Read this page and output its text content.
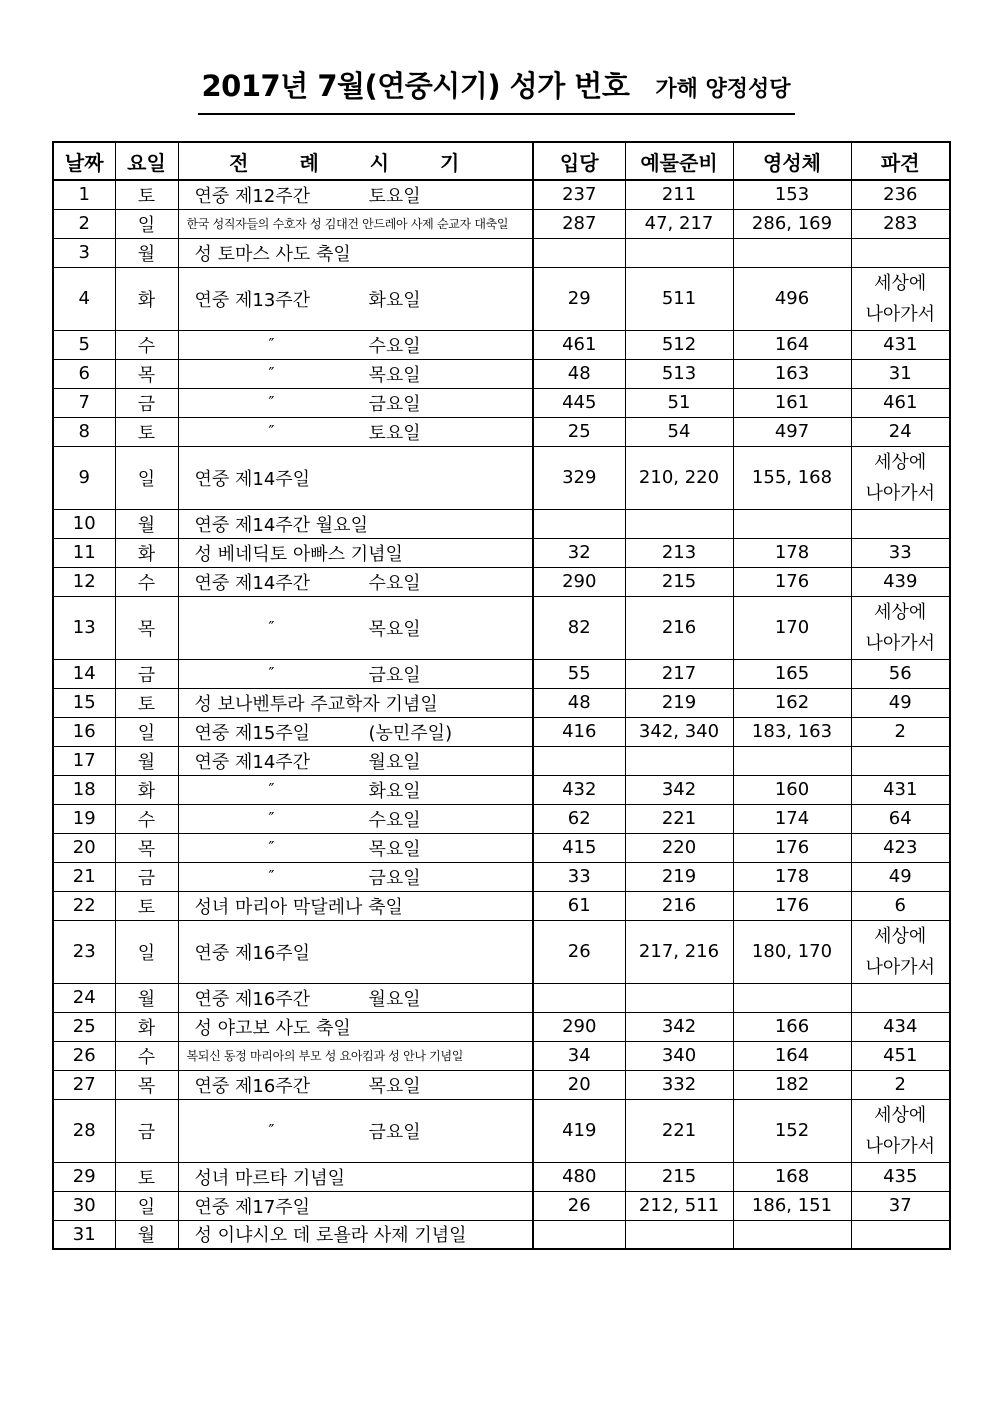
2017년 7월(연중시기) 성가 번호 가해 양정성당
날짜	요일	전 례 시 기	입당	예물준비	영성체	파견
1	토	연중 제12주간 토요일	237	211	153	236
2	일	한국 성직자들의 수호자 성 김대건 안드레아 사제 순교자 대축일	287	47, 217	286, 169	283
3	월	성 토마스 사도 축일				
4	화	연중 제13주간 화요일	29	511	496	세상에
나아가서

5	수	″ 수요일	461	512	164	431
6	목	″ 목요일	48	513	163	31
7	금	″ 금요일	445	51	161	461
8	토	″ 토요일	25	54	497	24
9	일	연중 제14주일	329	210, 220	155, 168	세상에
나아가서

10	월	연중 제14주간 월요일				
11	화	성 베네딕토 아빠스 기념일	32	213	178	33
12	수	연중 제14주간 수요일	290	215	176	439
13	목	″ 목요일	82	216	170	세상에
나아가서

14	금	″ 금요일	55	217	165	56
15	토	성 보나벤투라 주교학자 기념일	48	219	162	49
16	일	연중 제15주일 (농민주일)	416	342, 340	183, 163	2
17	월	연중 제14주간 월요일				

18	화	″ 화요일	432	342	160	431
19	수	″ 수요일	62	221	174	64
20	목	″ 목요일	415	220	176	423
21	금	″ 금요일	33	219	178	49
22	토	성녀 마리아 막달레나 축일	61	216	176	6
23	일	연중 제16주일	26	217, 216	180, 170	세상에
나아가서

24	월	연중 제16주간 월요일				

25	화	성 야고보 사도 축일	290	342	166	434
26	수	복되신 동정 마리아의 부모 성 요아킴과 성 안나 기념일	34	340	164	451
27	목	연중 제16주간 목요일	20	332	182	2
28	금	″ 금요일	419	221	152	세상에
나아가서

29	토	성녀 마르타 기념일	480	215	168	435
30	일	연중 제17주일	26	212, 511	186, 151	37
31	월	성 이냐시오 데 로욜라 사제 기념일				
